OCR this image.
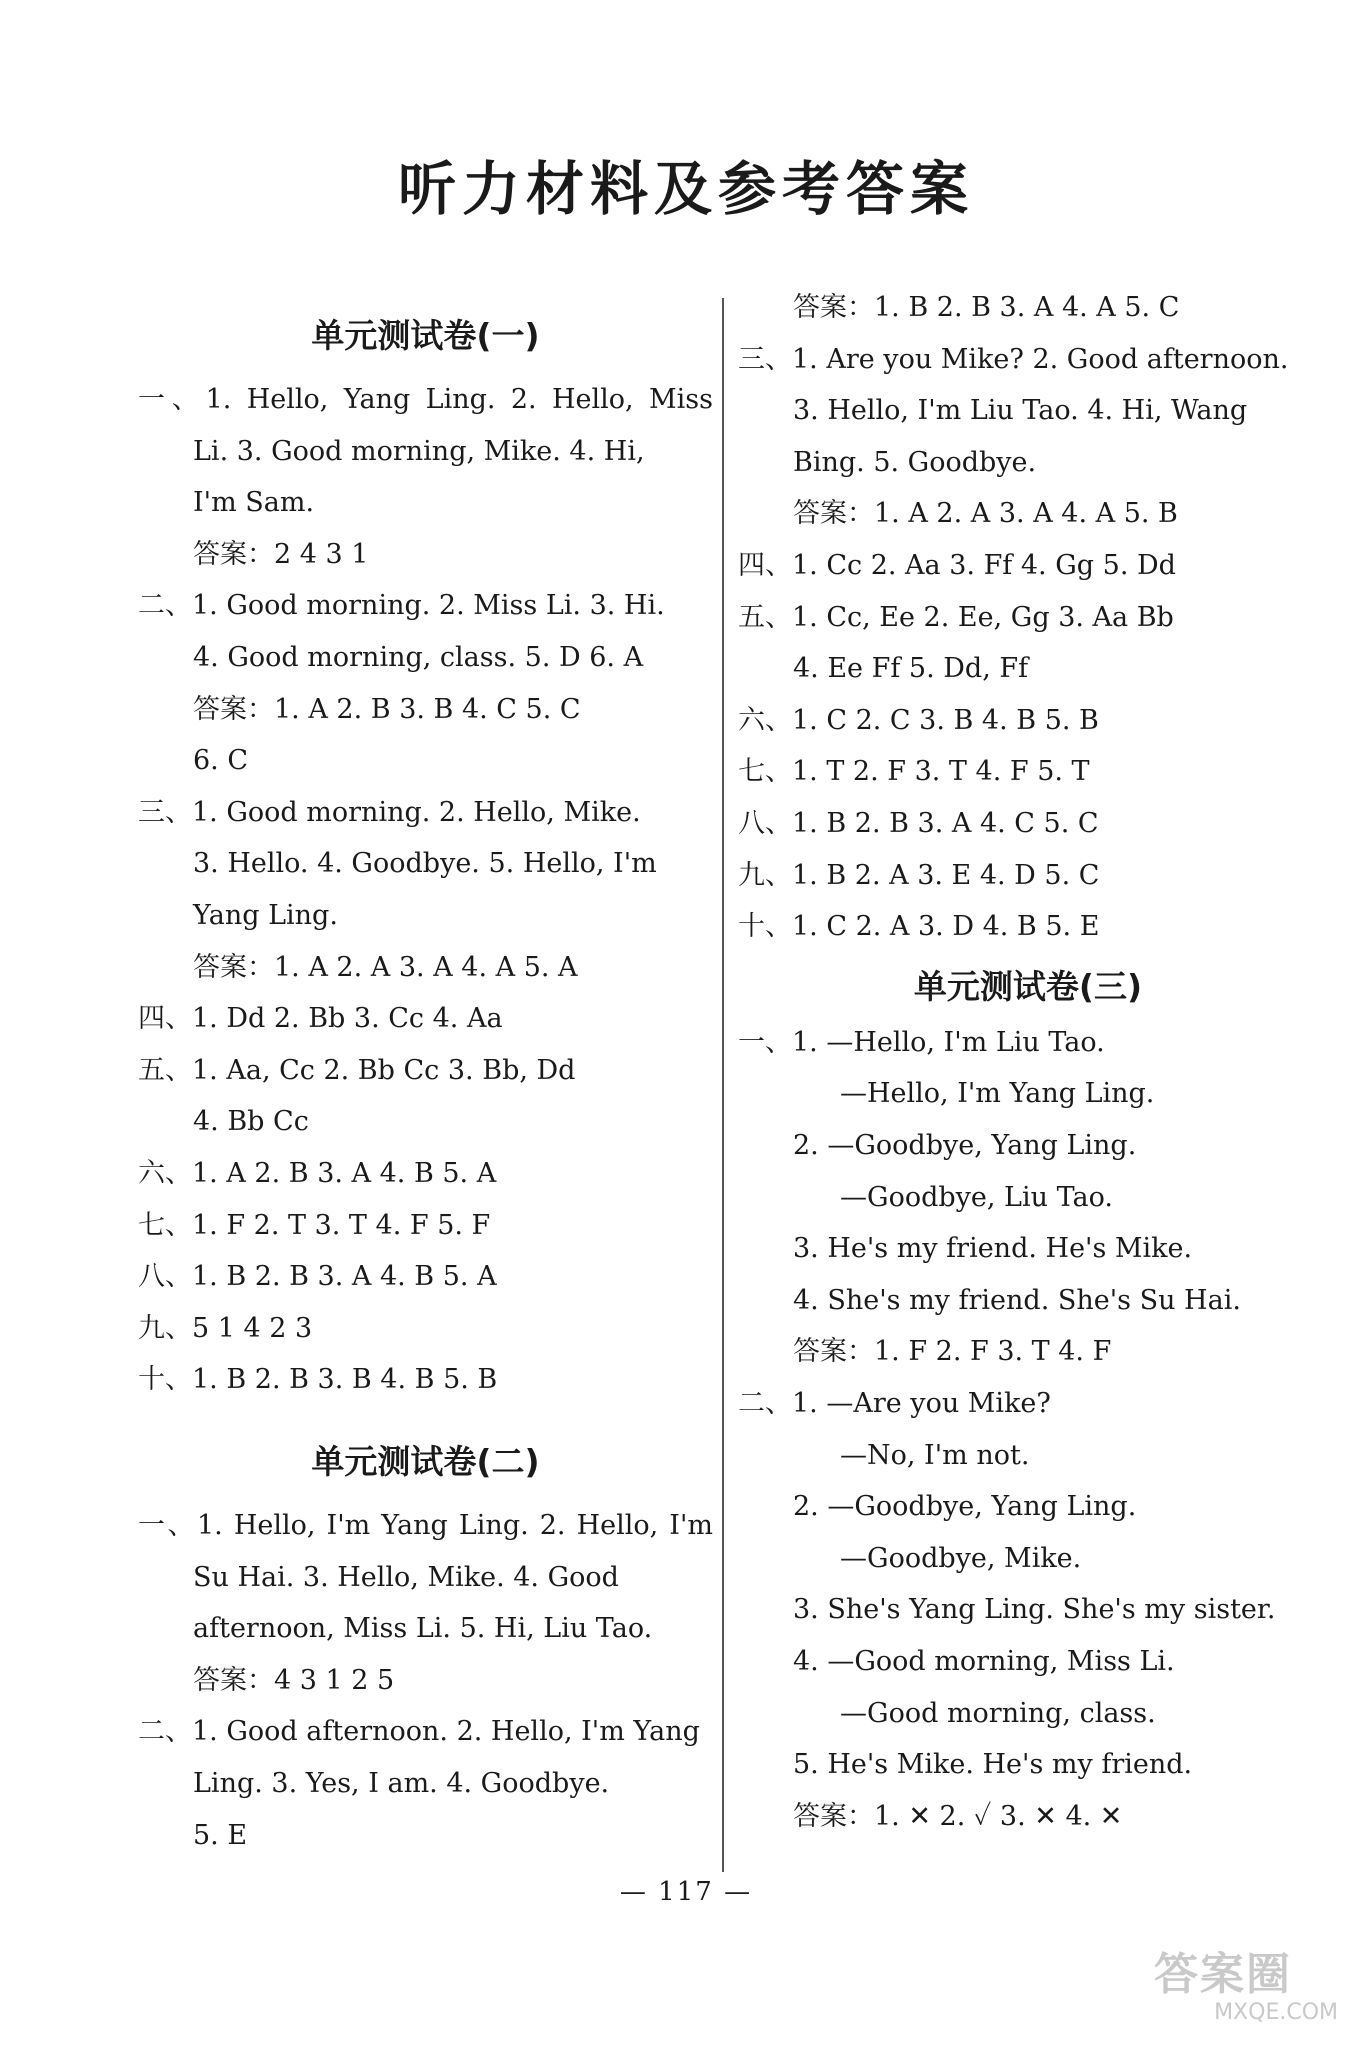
听力材料及参考答案
单元测试卷(一)
一、1. Hello, Yang Ling. 2. Hello, Miss
Li. 3. Good morning, Mike. 4. Hi,
I'm Sam.
答案：2 4 3 1
二、1. Good morning. 2. Miss Li. 3. Hi.
4. Good morning, class. 5. D 6. A
答案：1. A 2. B 3. B 4. C 5. C
6. C
三、1. Good morning. 2. Hello, Mike.
3. Hello. 4. Goodbye. 5. Hello, I'm
Yang Ling.
答案：1. A 2. A 3. A 4. A 5. A
四、1. Dd 2. Bb 3. Cc 4. Aa
五、1. Aa, Cc 2. Bb Cc 3. Bb, Dd
4. Bb Cc
六、1. A 2. B 3. A 4. B 5. A
七、1. F 2. T 3. T 4. F 5. F
八、1. B 2. B 3. A 4. B 5. A
九、5 1 4 2 3
十、1. B 2. B 3. B 4. B 5. B
单元测试卷(二)
一、1. Hello, I'm Yang Ling. 2. Hello, I'm
Su Hai. 3. Hello, Mike. 4. Good
afternoon, Miss Li. 5. Hi, Liu Tao.
答案：4 3 1 2 5
二、1. Good afternoon. 2. Hello, I'm Yang
Ling. 3. Yes, I am. 4. Goodbye.
5. E
答案：1. B 2. B 3. A 4. A 5. C
三、1. Are you Mike? 2. Good afternoon.
3. Hello, I'm Liu Tao. 4. Hi, Wang
Bing. 5. Goodbye.
答案：1. A 2. A 3. A 4. A 5. B
四、1. Cc 2. Aa 3. Ff 4. Gg 5. Dd
五、1. Cc, Ee 2. Ee, Gg 3. Aa Bb
4. Ee Ff 5. Dd, Ff
六、1. C 2. C 3. B 4. B 5. B
七、1. T 2. F 3. T 4. F 5. T
八、1. B 2. B 3. A 4. C 5. C
九、1. B 2. A 3. E 4. D 5. C
十、1. C 2. A 3. D 4. B 5. E
单元测试卷(三)
一、1. —Hello, I'm Liu Tao.
—Hello, I'm Yang Ling.
2. —Goodbye, Yang Ling.
—Goodbye, Liu Tao.
3. He's my friend. He's Mike.
4. She's my friend. She's Su Hai.
答案：1. F 2. F 3. T 4. F
二、1. —Are you Mike?
—No, I'm not.
2. —Goodbye, Yang Ling.
—Goodbye, Mike.
3. She's Yang Ling. She's my sister.
4. —Good morning, Miss Li.
—Good morning, class.
5. He's Mike. He's my friend.
答案：1. ✕ 2. ✓ 3. ✕ 4. ✕
— 117 —
答案圈
MXQE.COM
